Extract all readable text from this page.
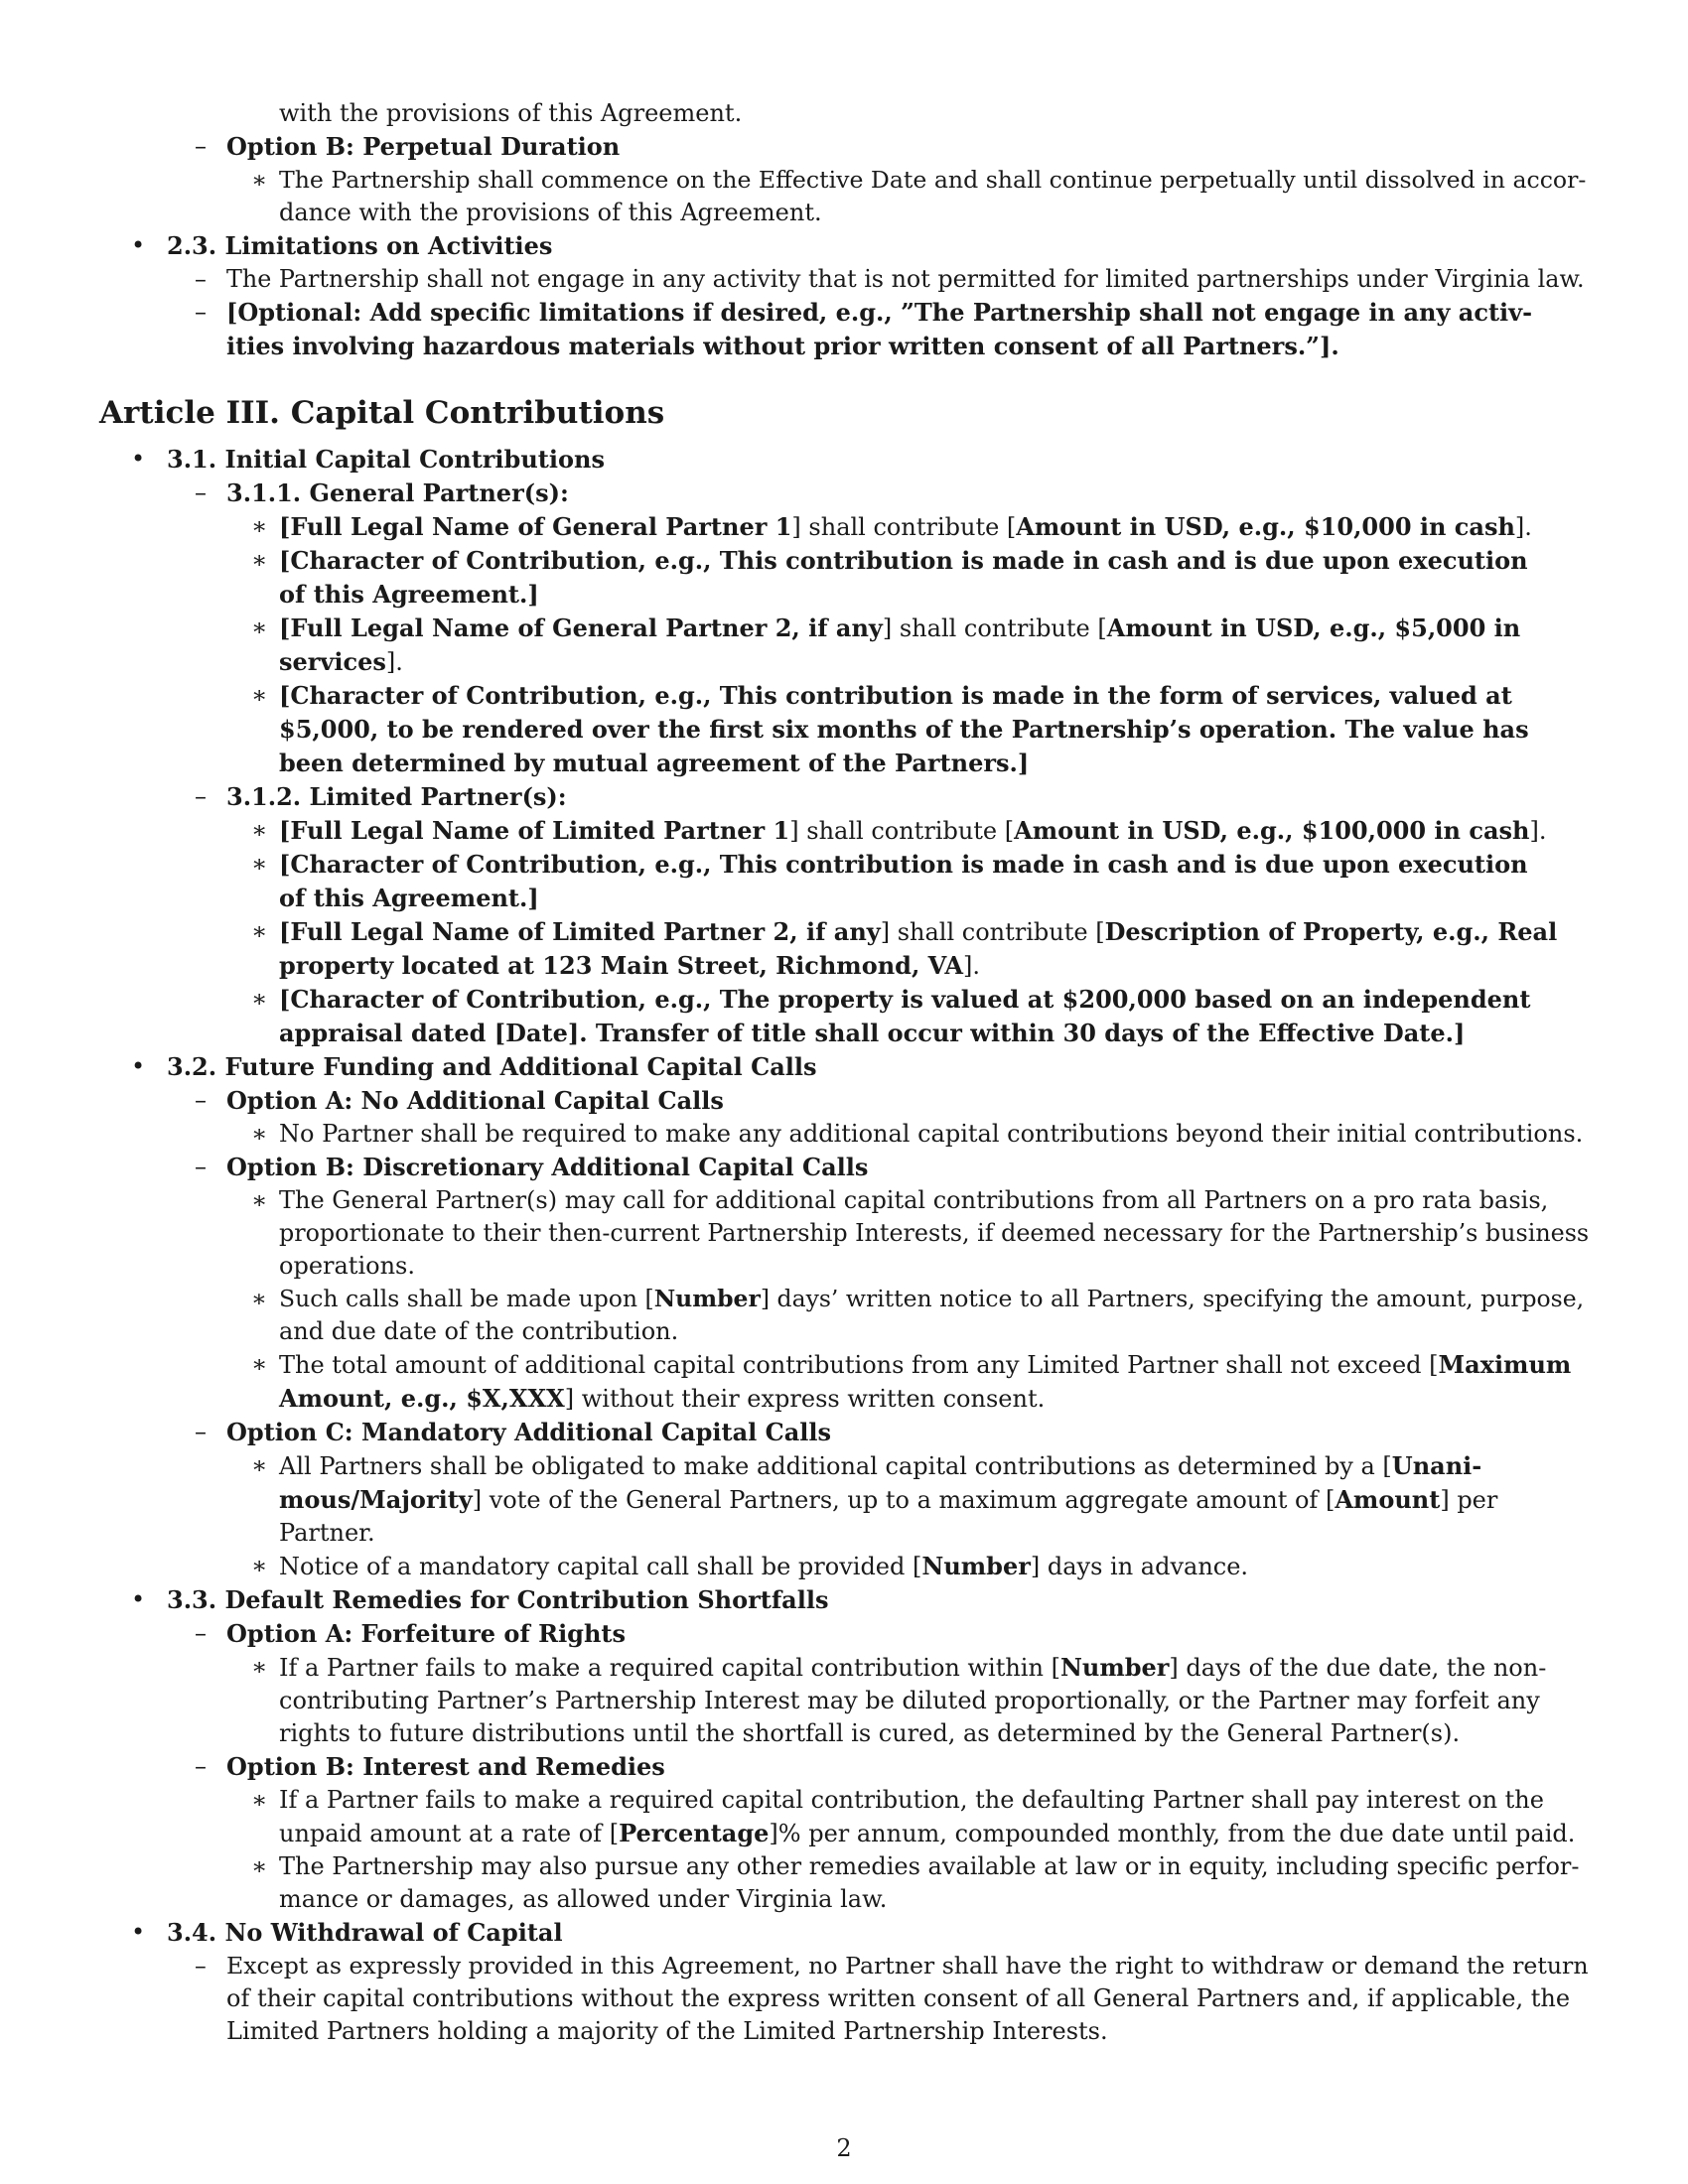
with the provisions of this Agreement.
– Option B: Perpetual Duration
∗ The Partnership shall commence on the Effective Date and shall continue perpetually until dissolved in accor-
dance with the provisions of this Agreement.
• 2.3. Limitations on Activities
– The Partnership shall not engage in any activity that is not permitted for limited partnerships under Virginia law.
– [Optional: Add specific limitations if desired, e.g., ”The Partnership shall not engage in any activ-
ities involving hazardous materials without prior written consent of all Partners.”].
Article III. Capital Contributions
• 3.1. Initial Capital Contributions
– 3.1.1. General Partner(s):
∗ [Full Legal Name of General Partner 1] shall contribute [Amount in USD, e.g., $10,000 in cash].
∗ [Character of Contribution, e.g., This contribution is made in cash and is due upon execution
of this Agreement.]
∗ [Full Legal Name of General Partner 2, if any] shall contribute [Amount in USD, e.g., $5,000 in
services].
∗ [Character of Contribution, e.g., This contribution is made in the form of services, valued at
$5,000, to be rendered over the first six months of the Partnership’s operation. The value has
been determined by mutual agreement of the Partners.]
– 3.1.2. Limited Partner(s):
∗ [Full Legal Name of Limited Partner 1] shall contribute [Amount in USD, e.g., $100,000 in cash].
∗ [Character of Contribution, e.g., This contribution is made in cash and is due upon execution
of this Agreement.]
∗ [Full Legal Name of Limited Partner 2, if any] shall contribute [Description of Property, e.g., Real
property located at 123 Main Street, Richmond, VA].
∗ [Character of Contribution, e.g., The property is valued at $200,000 based on an independent
appraisal dated [Date]. Transfer of title shall occur within 30 days of the Effective Date.]
• 3.2. Future Funding and Additional Capital Calls
– Option A: No Additional Capital Calls
∗ No Partner shall be required to make any additional capital contributions beyond their initial contributions.
– Option B: Discretionary Additional Capital Calls
∗ The General Partner(s) may call for additional capital contributions from all Partners on a pro rata basis,
proportionate to their then-current Partnership Interests, if deemed necessary for the Partnership’s business
operations.
∗ Such calls shall be made upon [Number] days’ written notice to all Partners, specifying the amount, purpose,
and due date of the contribution.
∗ The total amount of additional capital contributions from any Limited Partner shall not exceed [Maximum
Amount, e.g., $X,XXX] without their express written consent.
– Option C: Mandatory Additional Capital Calls
∗ All Partners shall be obligated to make additional capital contributions as determined by a [Unani-
mous/Majority] vote of the General Partners, up to a maximum aggregate amount of [Amount] per
Partner.
∗ Notice of a mandatory capital call shall be provided [Number] days in advance.
• 3.3. Default Remedies for Contribution Shortfalls
– Option A: Forfeiture of Rights
∗ If a Partner fails to make a required capital contribution within [Number] days of the due date, the non-
contributing Partner’s Partnership Interest may be diluted proportionally, or the Partner may forfeit any
rights to future distributions until the shortfall is cured, as determined by the General Partner(s).
– Option B: Interest and Remedies
∗ If a Partner fails to make a required capital contribution, the defaulting Partner shall pay interest on the
unpaid amount at a rate of [Percentage]% per annum, compounded monthly, from the due date until paid.
∗ The Partnership may also pursue any other remedies available at law or in equity, including specific perfor-
mance or damages, as allowed under Virginia law.
• 3.4. No Withdrawal of Capital
– Except as expressly provided in this Agreement, no Partner shall have the right to withdraw or demand the return
of their capital contributions without the express written consent of all General Partners and, if applicable, the
Limited Partners holding a majority of the Limited Partnership Interests.
2
